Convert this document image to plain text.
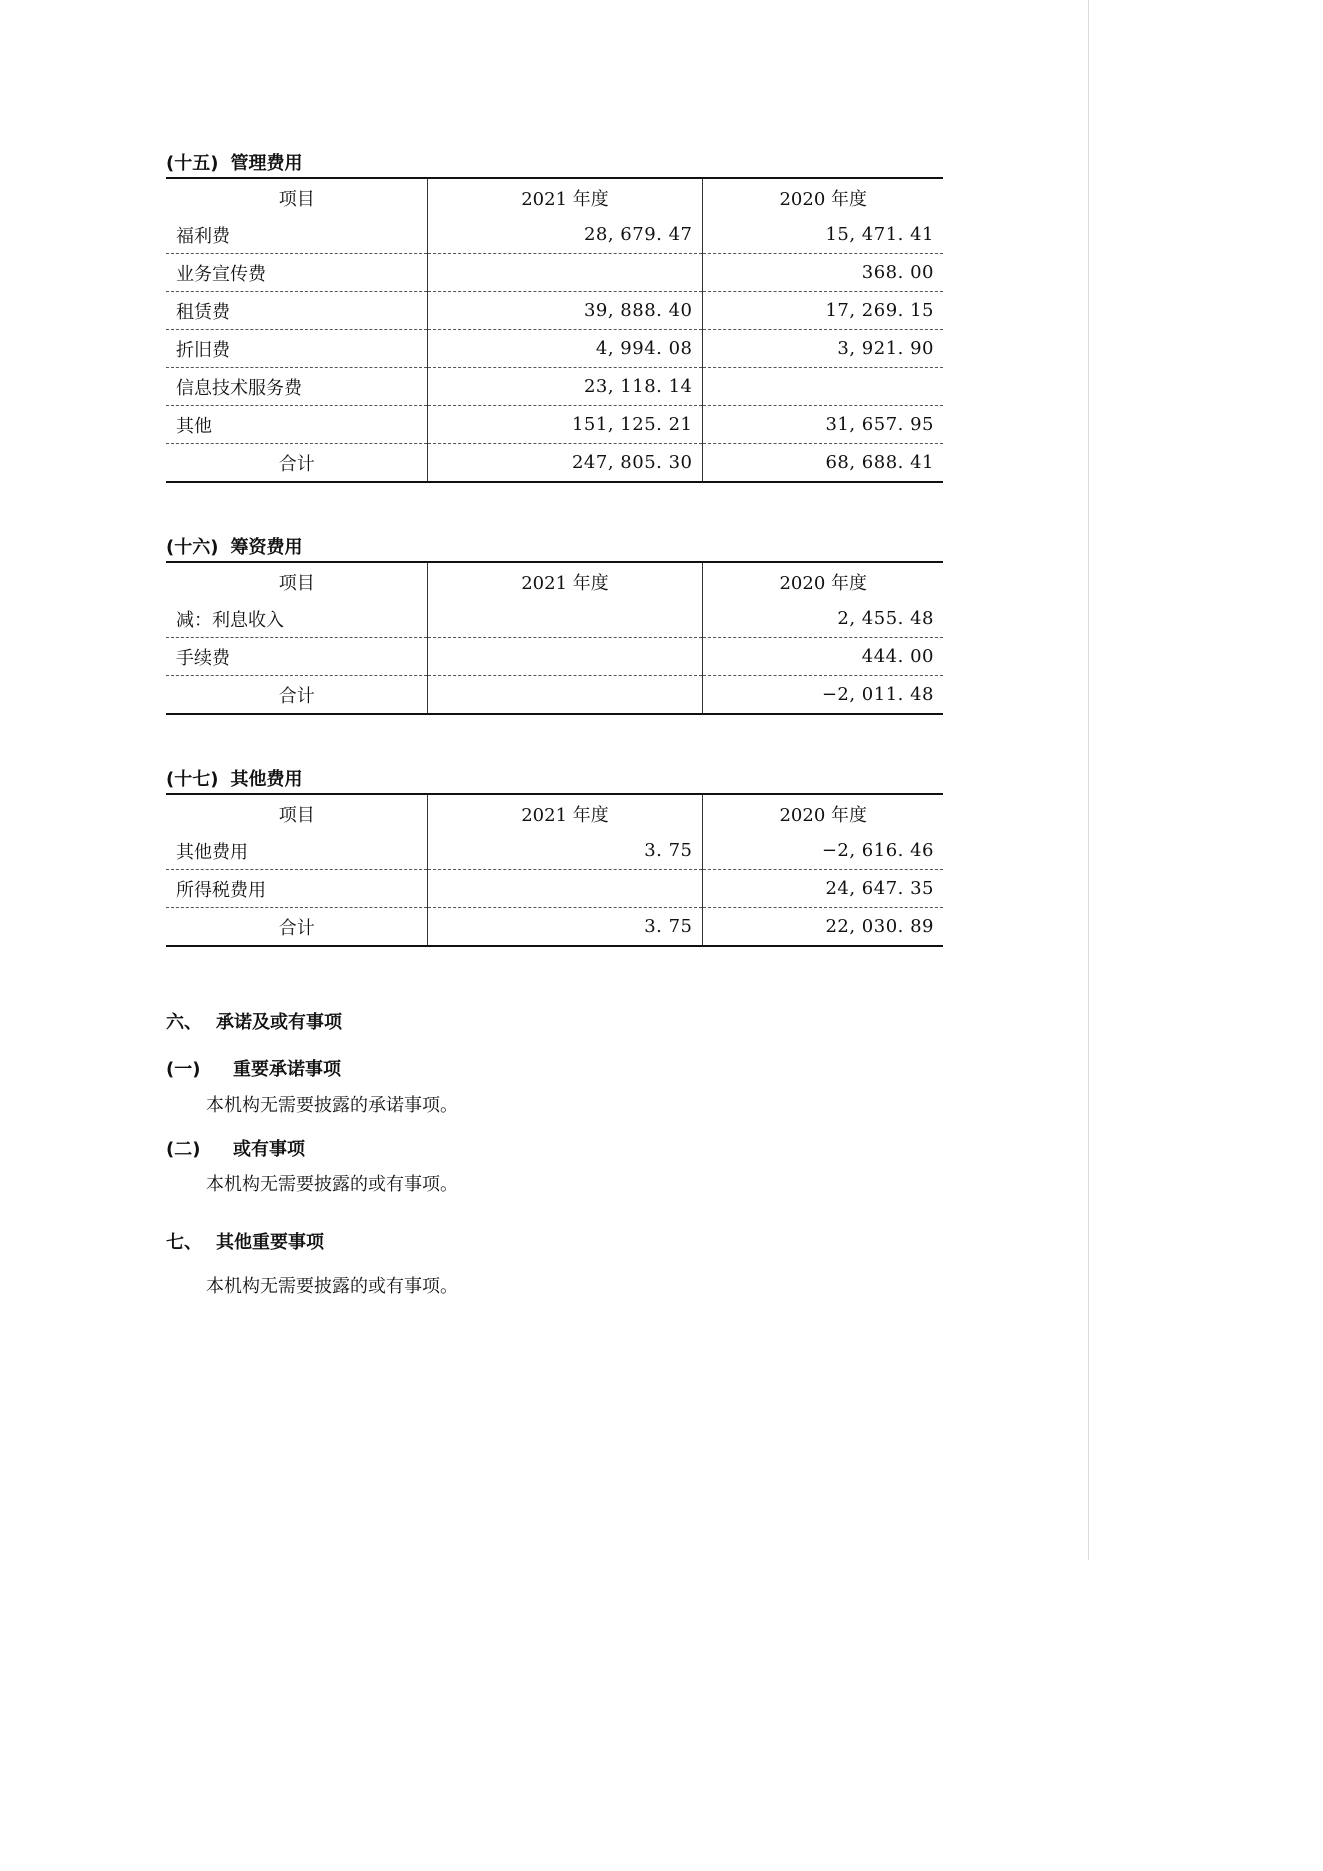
(十五) 管理费用
项目	2021 年度	2020 年度
福利费	28, 679. 47	15, 471. 41
业务宣传费		368. 00
租赁费	39, 888. 40	17, 269. 15
折旧费	4, 994. 08	3, 921. 90
信息技术服务费	23, 118. 14	
其他	151, 125. 21	31, 657. 95
合计	247, 805. 30	68, 688. 41
(十六) 筹资费用
项目	2021 年度	2020 年度
减：利息收入		2, 455. 48
手续费		444. 00
合计		−2, 011. 48
(十七) 其他费用
项目	2021 年度	2020 年度
其他费用	3. 75	−2, 616. 46
所得税费用		24, 647. 35
合计	3. 75	22, 030. 89
六、 承诺及或有事项
(一) 重要承诺事项

本机构无需要披露的承诺事项。

(二) 或有事项

本机构无需要披露的或有事项。

七、 其他重要事项

本机构无需要披露的或有事项。
